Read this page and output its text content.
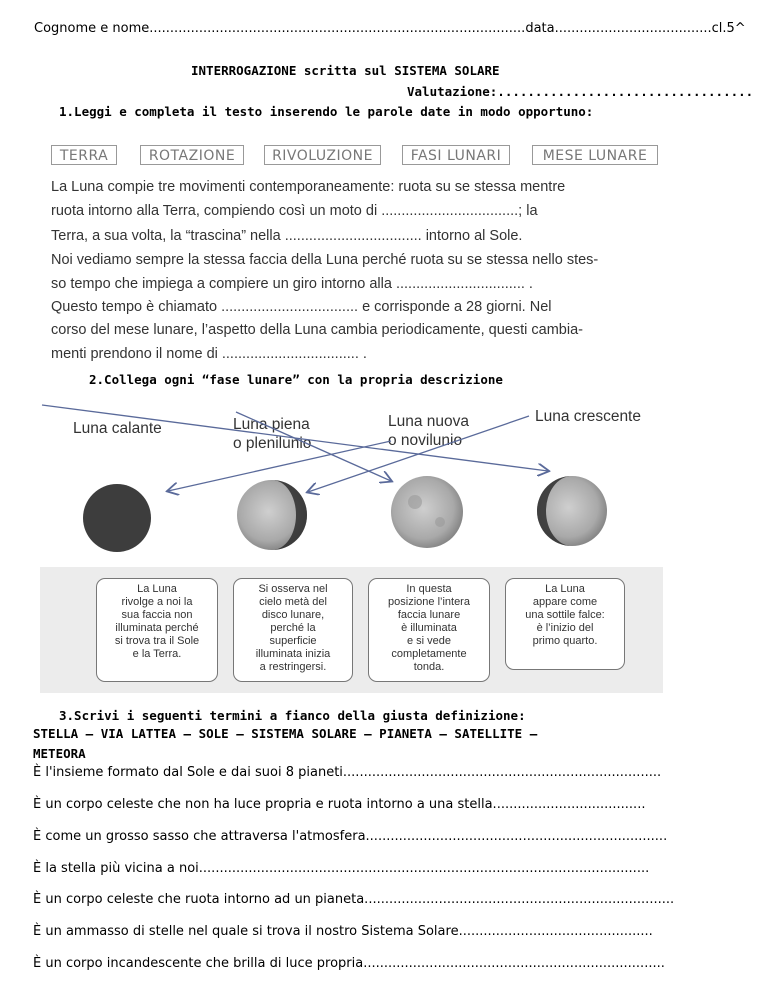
Cognome e nome...........................................................................................data......................................cl.5^
INTERROGAZIONE scritta sul SISTEMA SOLARE
Valutazione:..................................
1.Leggi e completa il testo inserendo le parole date in modo opportuno:
TERRA	ROTAZIONE	RIVOLUZIONE	FASI LUNARI	MESE LUNARE
La Luna compie tre movimenti contemporaneamente: ruota su se stessa mentre
ruota intorno alla Terra, compiendo così un moto di ..................................; la
Terra, a sua volta, la “trascina” nella .................................. intorno al Sole.
Noi vediamo sempre la stessa faccia della Luna perché ruota su se stessa nello stes-
so tempo che impiega a compiere un giro intorno alla ................................ .
Questo tempo è chiamato .................................. e corrisponde a 28 giorni. Nel
corso del mese lunare, l’aspetto della Luna cambia periodicamente, questi cambia-
menti prendono il nome di .................................. .
2.Collega ogni “fase lunare” con la propria descrizione
Luna calante	Luna piena
o plenilunio
Luna nuova
o novilunio
Luna crescente
La Luna
rivolge a noi la
sua faccia non
illuminata perché
si trova tra il Sole
e la Terra.
Si osserva nel
cielo metà del
disco lunare,
perché la
superficie
illuminata inizia
a restringersi.
In questa
posizione l’intera
faccia lunare
è illuminata
e si vede
completamente
tonda.
La Luna
appare come
una sottile falce:
è l’inizio del
primo quarto.
3.Scrivi i seguenti termini a fianco della giusta definizione:
STELLA – VIA LATTEA – SOLE – SISTEMA SOLARE – PIANETA – SATELLITE –
METEORA
È l'insieme formato dal Sole e dai suoi 8 pianeti.............................................................................
È un corpo celeste che non ha luce propria e ruota intorno a una stella.....................................
È come un grosso sasso che attraversa l'atmosfera.........................................................................
È la stella più vicina a noi.............................................................................................................
È un corpo celeste che ruota intorno ad un pianeta...........................................................................
È un ammasso di stelle nel quale si trova il nostro Sistema Solare...............................................
È un corpo incandescente che brilla di luce propria.........................................................................
